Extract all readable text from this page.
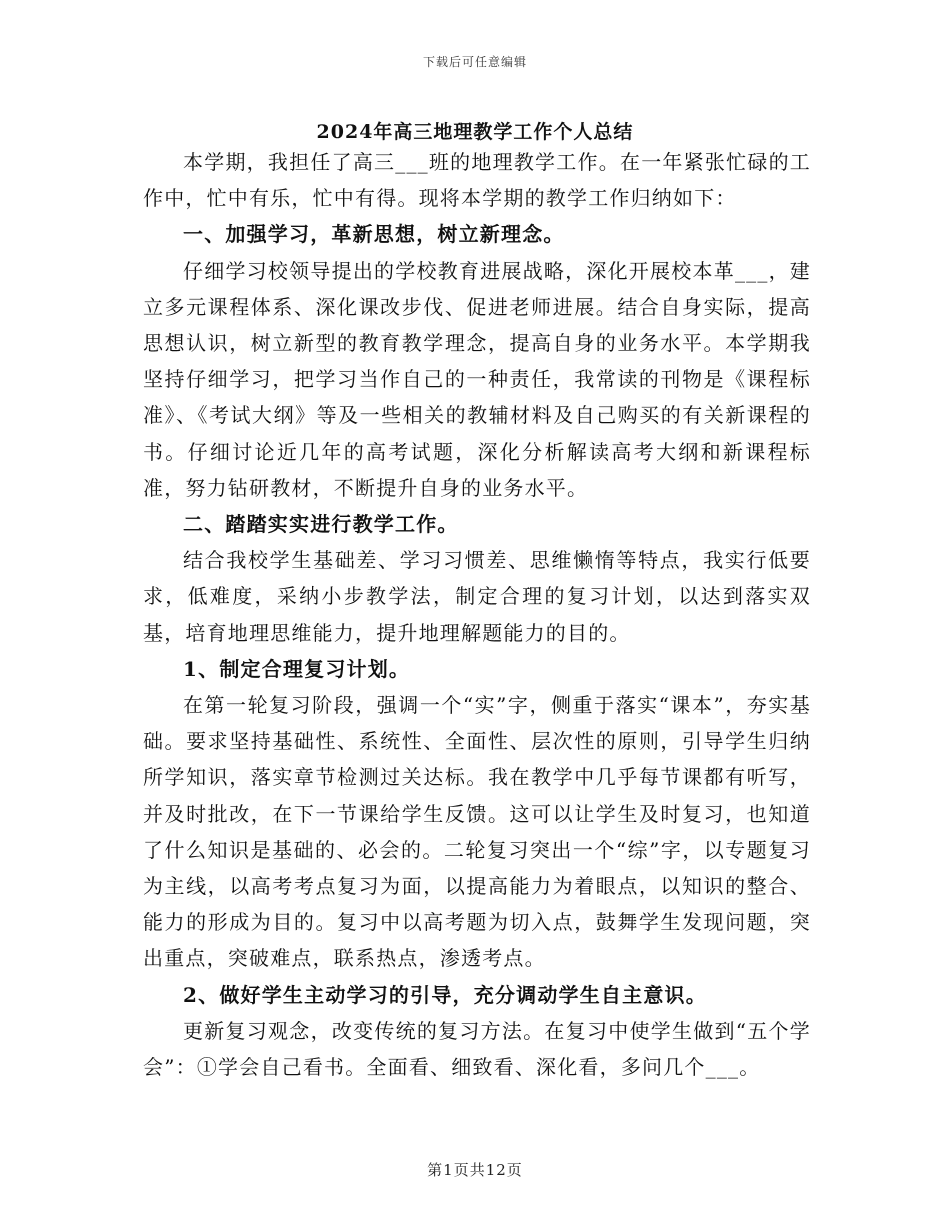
下载后可任意编辑
2024年高三地理教学工作个人总结

本学期，我担任了高三___班的地理教学工作。在一年紧张忙碌的工作中，忙中有乐，忙中有得。现将本学期的教学工作归纳如下：

一、加强学习，革新思想，树立新理念。

仔细学习校领导提出的学校教育进展战略，深化开展校本革___，建立多元课程体系、深化课改步伐、促进老师进展。结合自身实际，提高思想认识，树立新型的教育教学理念，提高自身的业务水平。本学期我坚持仔细学习，把学习当作自己的一种责任，我常读的刊物是《课程标准》、《考试大纲》等及一些相关的教辅材料及自己购买的有关新课程的书。仔细讨论近几年的高考试题，深化分析解读高考大纲和新课程标准，努力钻研教材，不断提升自身的业务水平。

二、踏踏实实进行教学工作。

结合我校学生基础差、学习习惯差、思维懒惰等特点，我实行低要求，低难度，采纳小步教学法，制定合理的复习计划，以达到落实双基，培育地理思维能力，提升地理解题能力的目的。

1、制定合理复习计划。

在第一轮复习阶段，强调一个“实”字，侧重于落实“课本”，夯实基础。要求坚持基础性、系统性、全面性、层次性的原则，引导学生归纳所学知识，落实章节检测过关达标。我在教学中几乎每节课都有听写，并及时批改，在下一节课给学生反馈。这可以让学生及时复习，也知道了什么知识是基础的、必会的。二轮复习突出一个“综”字，以专题复习为主线，以高考考点复习为面，以提高能力为着眼点，以知识的整合、能力的形成为目的。复习中以高考题为切入点，鼓舞学生发现问题，突出重点，突破难点，联系热点，渗透考点。

2、做好学生主动学习的引导，充分调动学生自主意识。

更新复习观念，改变传统的复习方法。在复习中使学生做到“五个学会”：①学会自己看书。全面看、细致看、深化看，多问几个___。

第1页共12页
